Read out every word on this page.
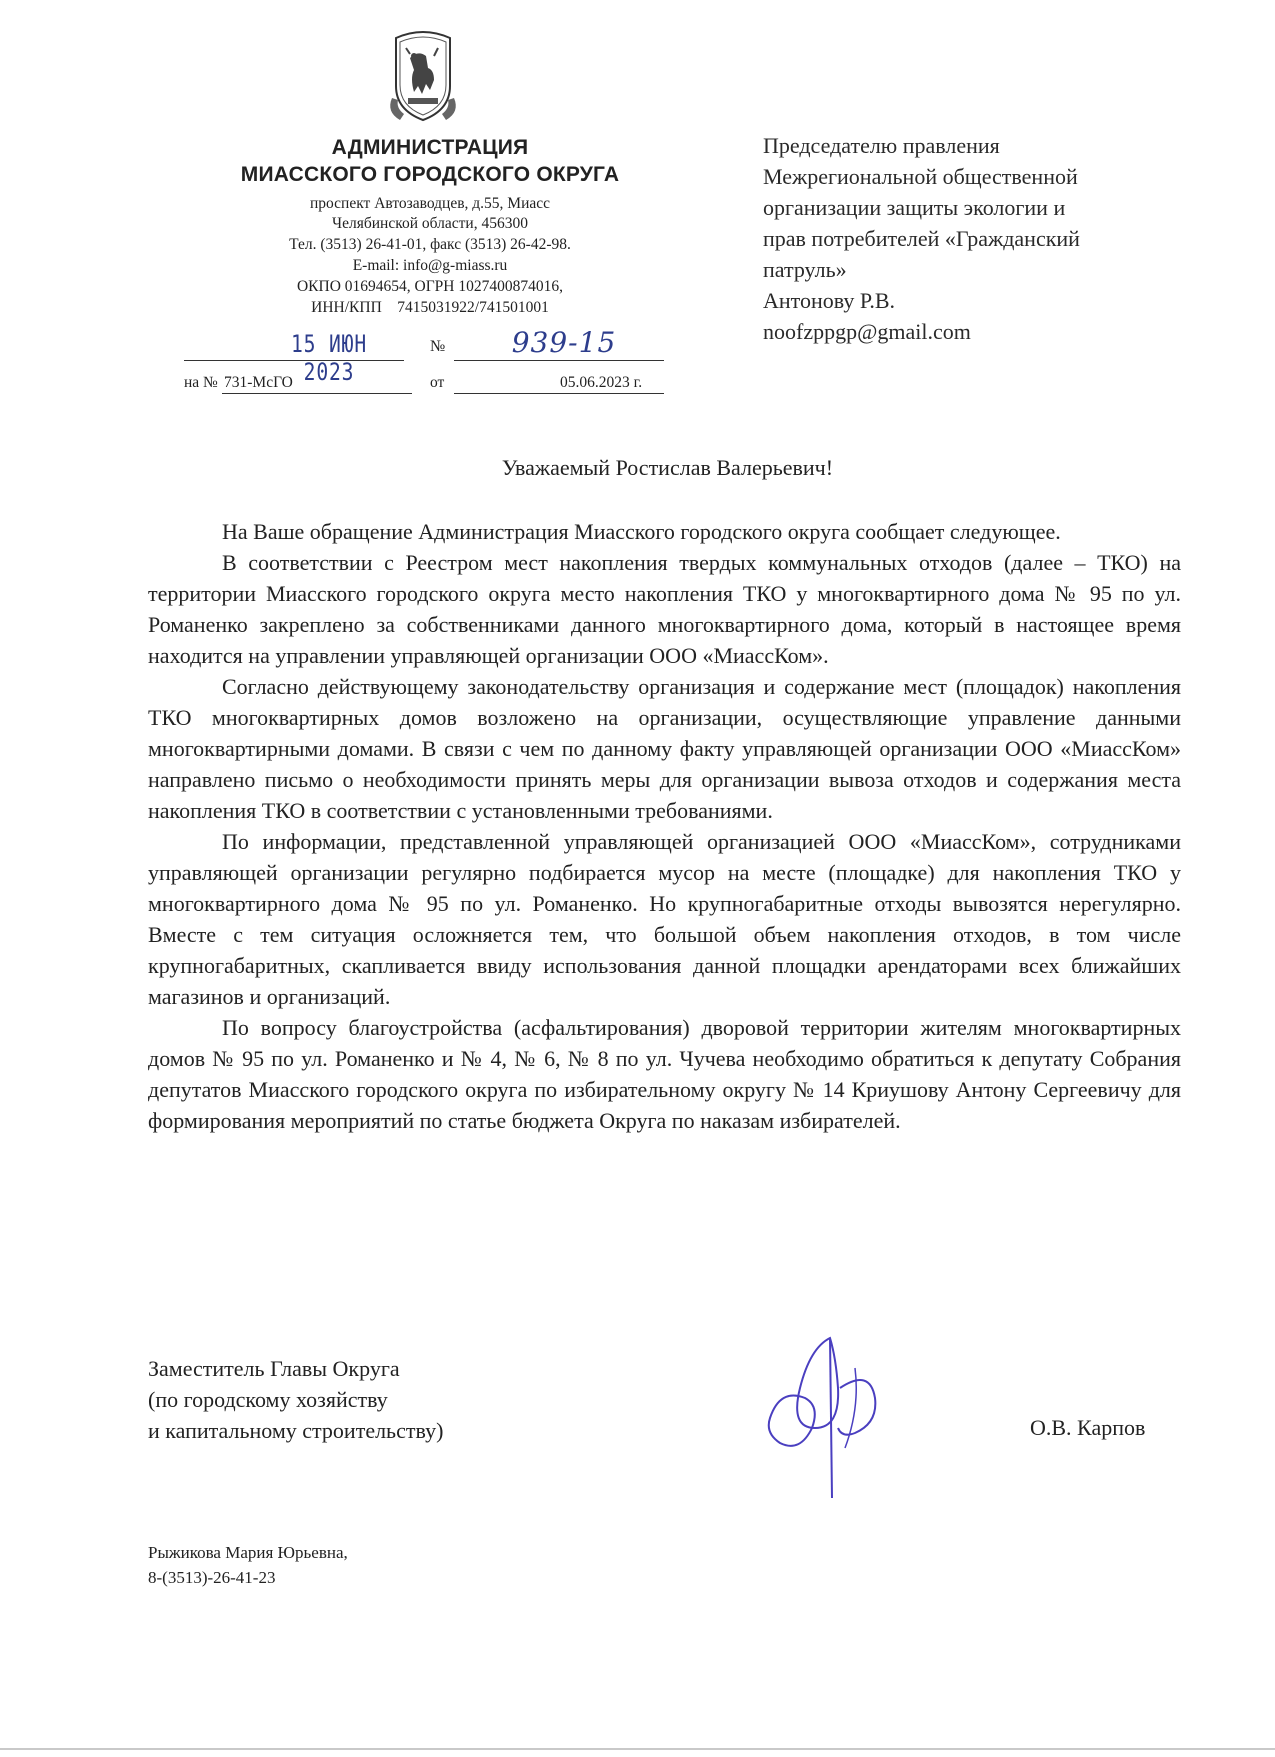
АДМИНИСТРАЦИЯ
МИАССКОГО ГОРОДСКОГО ОКРУГА
проспект Автозаводцев, д.55, Миасс
Челябинской области, 456300
Тел. (3513) 26-41-01, факс (3513) 26-42-98.
E-mail: info@g-miass.ru
ОКПО 01694654, ОГРН 1027400874016,
ИНН/КПП    7415031922/741501001
15 ИЮН 2023
№	939-15
на № 731-МсГО	от	05.06.2023 г.
Председателю правления
Межрегиональной общественной
организации защиты экологии и
прав потребителей «Гражданский
патруль»
Антонову Р.В.
noofzppgp@gmail.com
Уважаемый Ростислав Валерьевич!

На Ваше обращение Администрация Миасского городского округа сообщает следующее.

В соответствии с Реестром мест накопления твердых коммунальных отходов (далее – ТКО) на территории Миасского городского округа место накопления ТКО у многоквартирного дома № 95 по ул. Романенко закреплено за собственниками данного многоквартирного дома, который в настоящее время находится на управлении управляющей организации ООО «МиассКом».

Согласно действующему законодательству организация и содержание мест (площадок) накопления ТКО многоквартирных домов возложено на организации, осуществляющие управление данными многоквартирными домами. В связи с чем по данному факту управляющей организации ООО «МиассКом» направлено письмо о необходимости принять меры для организации вывоза отходов и содержания места накопления ТКО в соответствии с установленными требованиями.

По информации, представленной управляющей организацией ООО «МиассКом», сотрудниками управляющей организации регулярно подбирается мусор на месте (площадке) для накопления ТКО у многоквартирного дома № 95 по ул. Романенко. Но крупногабаритные отходы вывозятся нерегулярно. Вместе с тем ситуация осложняется тем, что большой объем накопления отходов, в том числе крупногабаритных, скапливается ввиду использования данной площадки арендаторами всех ближайших магазинов и организаций.

По вопросу благоустройства (асфальтирования) дворовой территории жителям многоквартирных домов № 95 по ул. Романенко и № 4, № 6, № 8 по ул. Чучева необходимо обратиться к депутату Собрания депутатов Миасского городского округа по избирательному округу № 14 Криушову Антону Сергеевичу для формирования мероприятий по статье бюджета Округа по наказам избирателей.

Заместитель Главы Округа
(по городскому хозяйству
и капитальному строительству)	О.В. Карпов
Рыжикова Мария Юрьевна,
8-(3513)-26-41-23
